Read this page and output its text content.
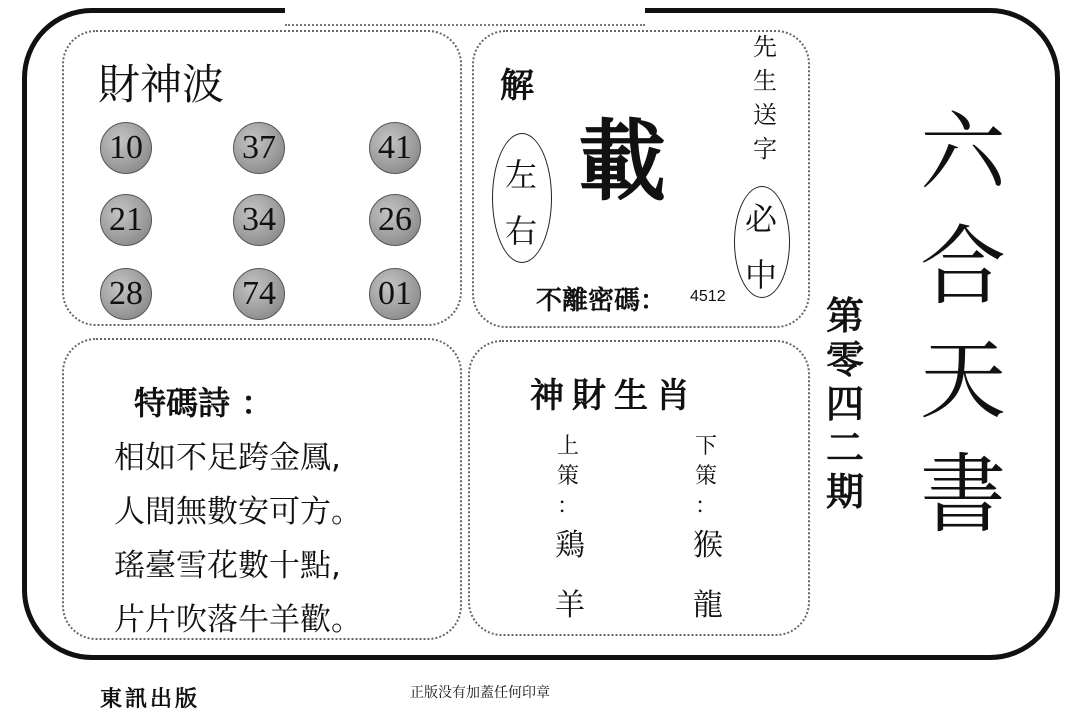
財神波
10	37	41
21	34	26
28	74	01
解
左
右
載
先
生
送
字
必
中
不離密碼： 4512	第零四二期
六合天書
特碼詩 ：
相如不足跨金鳳,
人間無數安可方。
瑤臺雪花數十點,
片片吹落牛羊歡。
神財生肖
上
策
：
鶏
羊
下
策
：
猴
龍
東訊出版	正版没有加蓋任何印章
